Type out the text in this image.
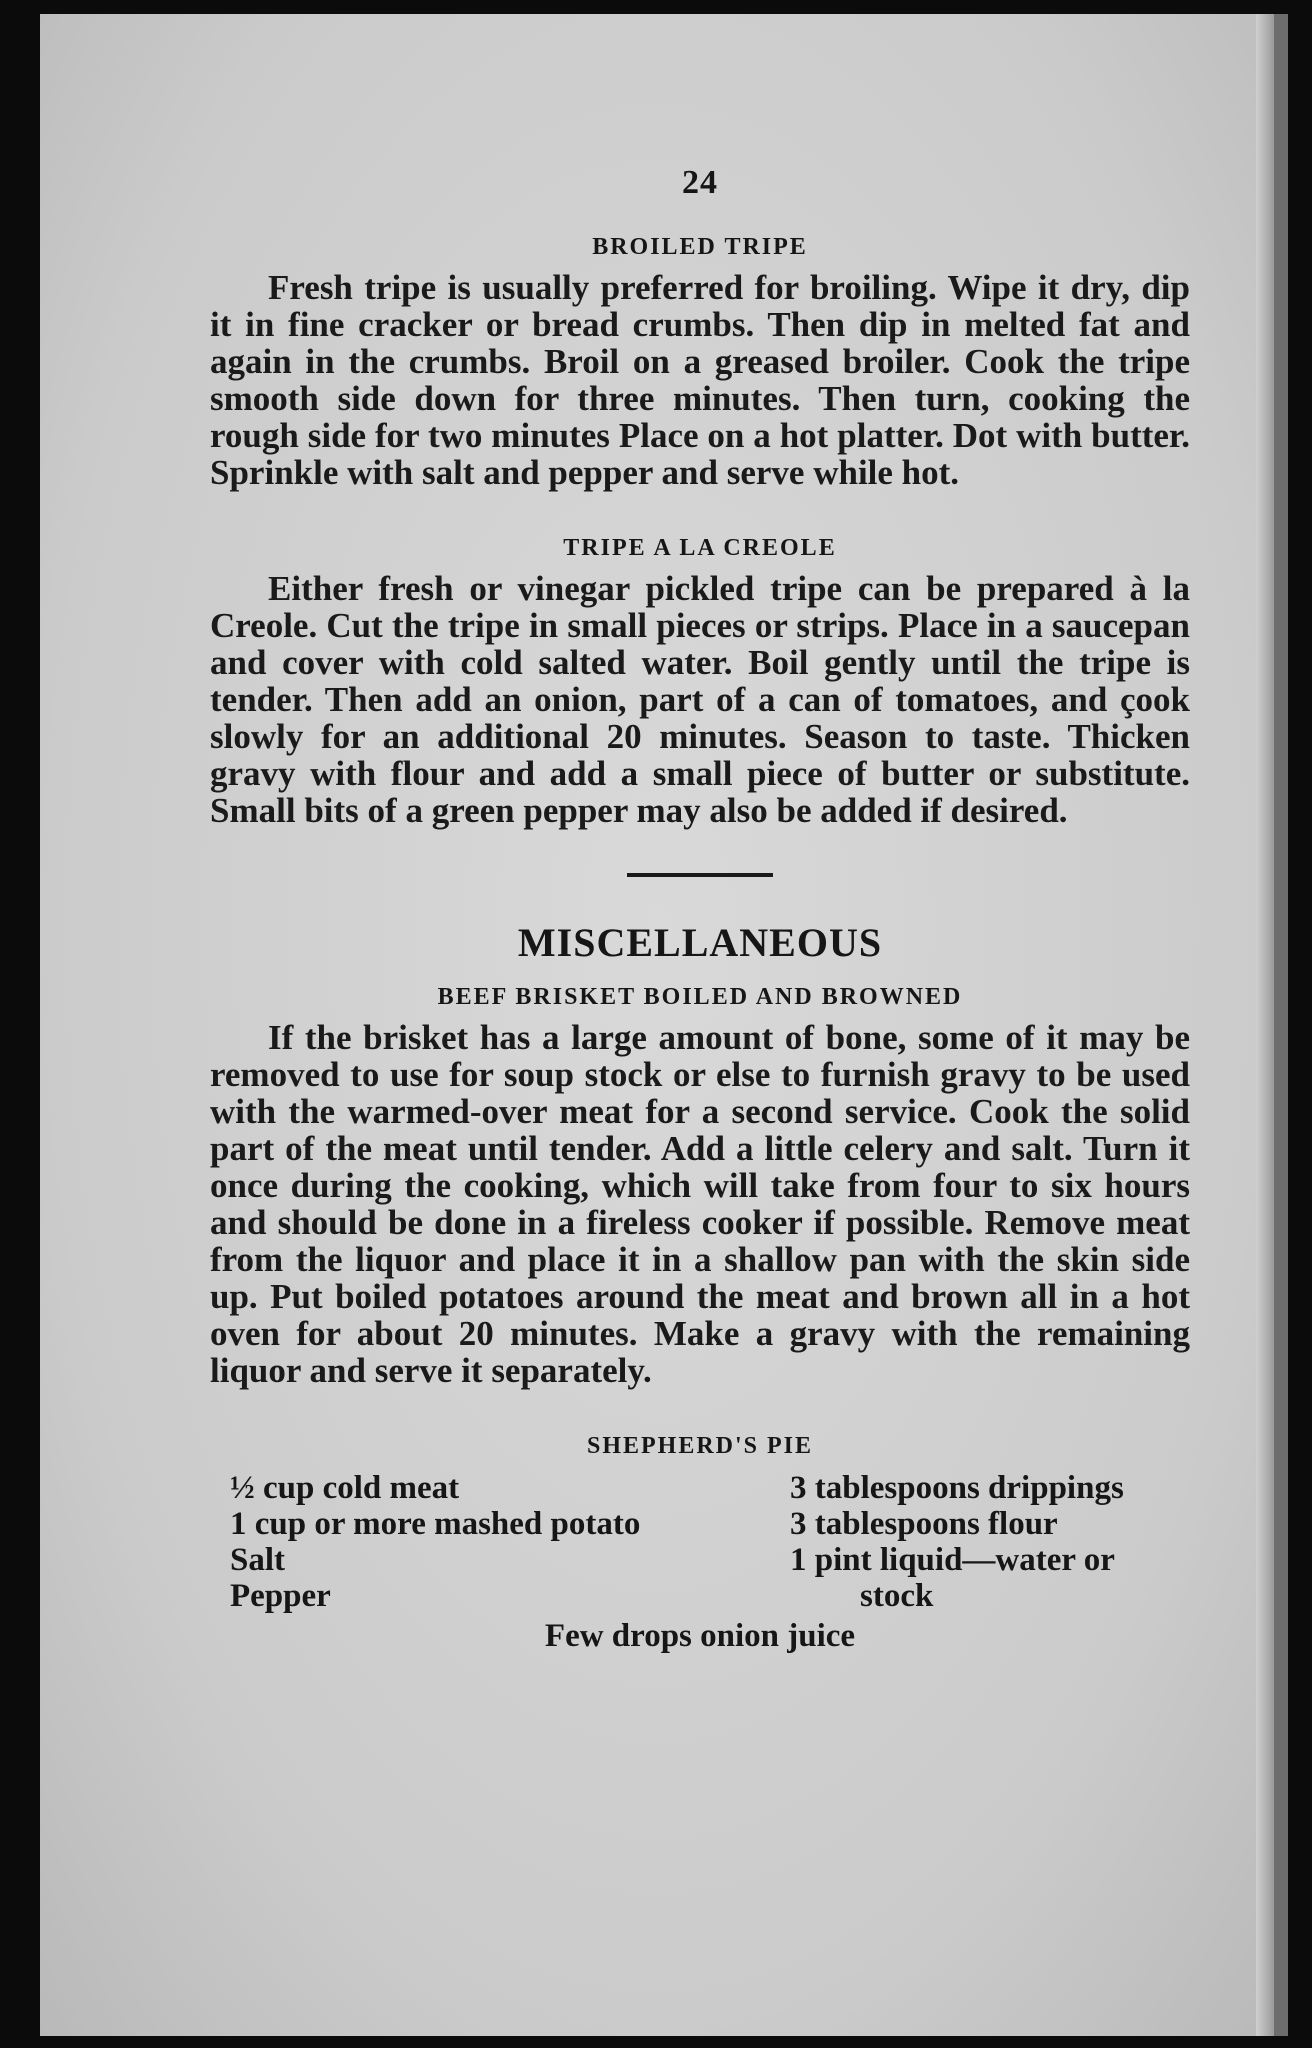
24
BROILED TRIPE

Fresh tripe is usually preferred for broiling. Wipe it dry, dip it in fine cracker or bread crumbs. Then dip in melted fat and again in the crumbs. Broil on a greased broiler. Cook the tripe smooth side down for three minutes. Then turn, cooking the rough side for two minutes Place on a hot platter. Dot with butter. Sprinkle with salt and pepper and serve while hot.

TRIPE A LA CREOLE

Either fresh or vinegar pickled tripe can be prepared à la Creole. Cut the tripe in small pieces or strips. Place in a saucepan and cover with cold salted water. Boil gently until the tripe is tender. Then add an onion, part of a can of tomatoes, and çook slowly for an additional 20 minutes. Season to taste. Thicken gravy with flour and add a small piece of butter or substitute. Small bits of a green pepper may also be added if desired.

MISCELLANEOUS
BEEF BRISKET BOILED AND BROWNED

If the brisket has a large amount of bone, some of it may be removed to use for soup stock or else to furnish gravy to be used with the warmed-over meat for a second service. Cook the solid part of the meat until tender. Add a little celery and salt. Turn it once during the cooking, which will take from four to six hours and should be done in a fireless cooker if possible. Remove meat from the liquor and place it in a shallow pan with the skin side up. Put boiled potatoes around the meat and brown all in a hot oven for about 20 minutes. Make a gravy with the remaining liquor and serve it separately.

SHEPHERD'S PIE
½ cup cold meat
1 cup or more mashed potato
Salt
Pepper
3 tablespoons drippings
3 tablespoons flour
1 pint liquid—water or
stock
Few drops onion juice
